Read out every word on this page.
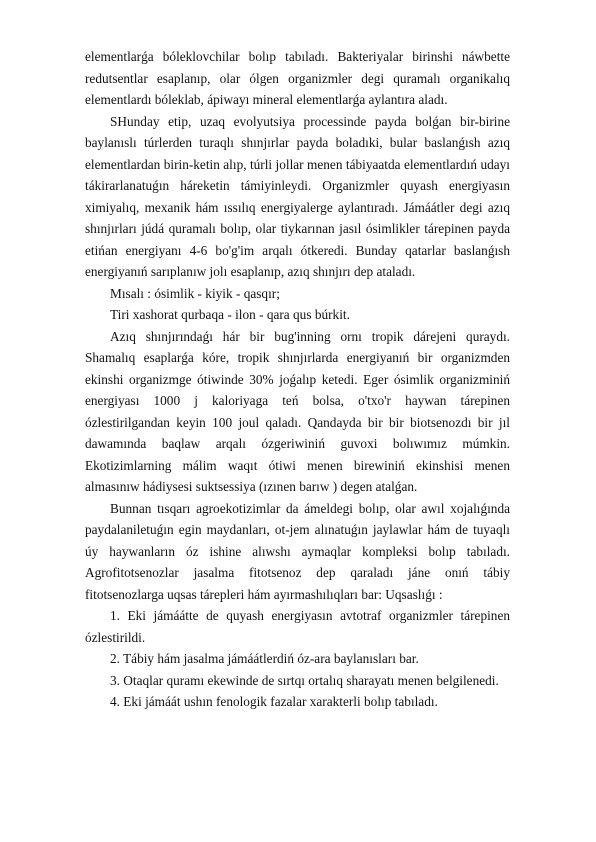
elementlarǵa bóleklovchilar bolıp tabıladı. Bakteriyalar birinshi náwbette redutsentlar esaplanıp, olar ólgen organizmler degi quramalı organikalıq elementlardı bóleklab, ápiwayı mineral elementlarǵa aylantıra aladı.

SHunday etip, uzaq evolyutsiya processinde payda bolǵan bir-birine baylanıslı túrlerden turaqlı shınjırlar payda boladıki, bular baslanǵısh azıq elementlardan birin-ketin alıp, túrli jollar menen tábiyaatda elementlardıń udayı tákirarlanatuǵın háreketin támiyinleydi. Organizmler quyash energiyasın ximiyalıq, mexanik hám ıssılıq energiyalerge aylantıradı. Jámáátler degi azıq shınjırları júdá quramalı bolıp, olar tiykarınan jasıl ósimlikler tárepinen payda etińan energiyanı 4-6 bo'g'im arqalı ótkeredi. Bunday qatarlar baslanǵısh energiyanıń sarıplanıw jolı esaplanıp, azıq shınjırı dep ataladı.

Mısalı : ósimlik - kiyik - qasqır;

Tiri xashorat qurbaqa - ilon - qara qus búrkit.

Azıq shınjırındaǵı hár bir bug'inning ornı tropik dárejeni quraydı. Shamalıq esaplarǵa kóre, tropik shınjırlarda energiyanıń bir organizmden ekinshi organizmge ótiwinde 30% joǵalıp ketedi. Eger ósimlik organizminiń energiyası 1000 j kaloriyaga teń bolsa, o'txo'r haywan tárepinen ózlestirilgandan keyin 100 joul qaladı. Qandayda bir bir biotsenozdı bir jıl dawamında baqlaw arqalı ózgeriwiniń guvoxi bolıwımız múmkin. Ekotizimlarning málim waqıt ótiwi menen birewiniń ekinshisi menen almasınıw hádiysesi suktsessiya (ızınen barıw ) degen atalǵan.

Bunnan tısqarı agroekotizimlar da ámeldegi bolıp, olar awıl xojalıǵında paydalaniletuǵın egin maydanları, ot-jem alınatuǵın jaylawlar hám de tuyaqlı úy haywanların óz ishine alıwshı aymaqlar kompleksi bolıp tabıladı. Agrofitotsenozlar jasalma fitotsenoz dep qaraladı jáne onıń tábiy fitotsenozlarga uqsas tárepleri hám ayırmashılıqları bar: Uqsaslıǵı :

1. Eki jámáátte de quyash energiyasın avtotraf organizmler tárepinen ózlestirildi.

2. Tábiy hám jasalma jámáátlerdiń óz-ara baylanısları bar.

3. Otaqlar quramı ekewinde de sırtqı ortalıq sharayatı menen belgilenedi.

4. Eki jámáát ushın fenologik fazalar xarakterli bolıp tabıladı.
